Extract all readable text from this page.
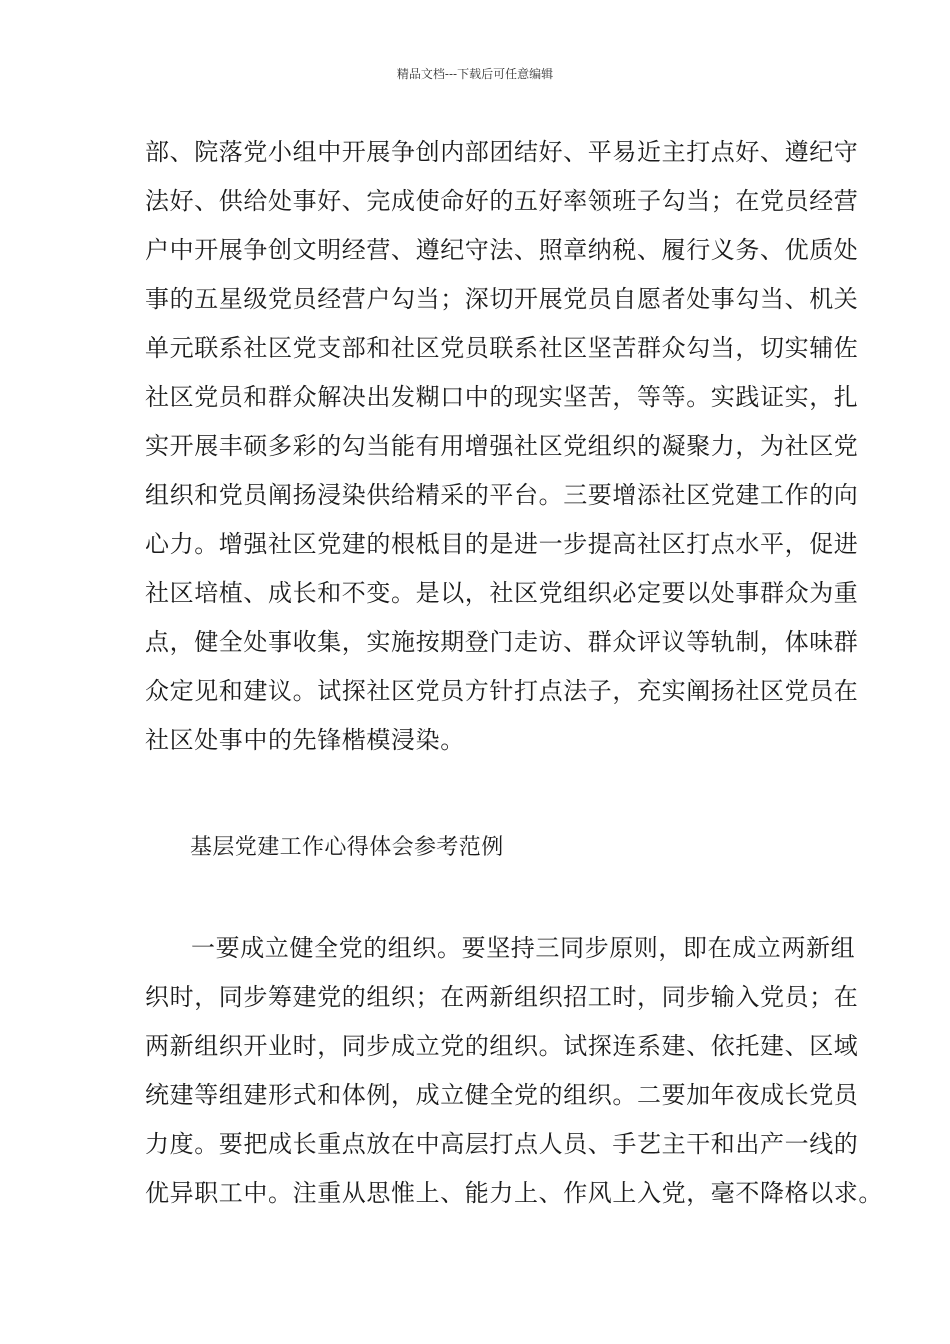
精品文档---下载后可任意编辑
部、院落党小组中开展争创内部团结好、平易近主打点好、遵纪守
法好、供给处事好、完成使命好的五好率领班子勾当；在党员经营
户中开展争创文明经营、遵纪守法、照章纳税、履行义务、优质处
事的五星级党员经营户勾当；深切开展党员自愿者处事勾当、机关
单元联系社区党支部和社区党员联系社区坚苦群众勾当，切实辅佐
社区党员和群众解决出发糊口中的现实坚苦，等等。实践证实，扎
实开展丰硕多彩的勾当能有用增强社区党组织的凝聚力，为社区党
组织和党员阐扬浸染供给精采的平台。三要增添社区党建工作的向
心力。增强社区党建的根柢目的是进一步提高社区打点水平，促进
社区培植、成长和不变。是以，社区党组织必定要以处事群众为重
点，健全处事收集，实施按期登门走访、群众评议等轨制，体味群
众定见和建议。试探社区党员方针打点法子，充实阐扬社区党员在
社区处事中的先锋楷模浸染。
基层党建工作心得体会参考范例
一要成立健全党的组织。要坚持三同步原则，即在成立两新组
织时，同步筹建党的组织；在两新组织招工时，同步输入党员；在
两新组织开业时，同步成立党的组织。试探连系建、依托建、区域
统建等组建形式和体例，成立健全党的组织。二要加年夜成长党员
力度。要把成长重点放在中高层打点人员、手艺主干和出产一线的
优异职工中。注重从思惟上、能力上、作风上入党，毫不降格以求。
